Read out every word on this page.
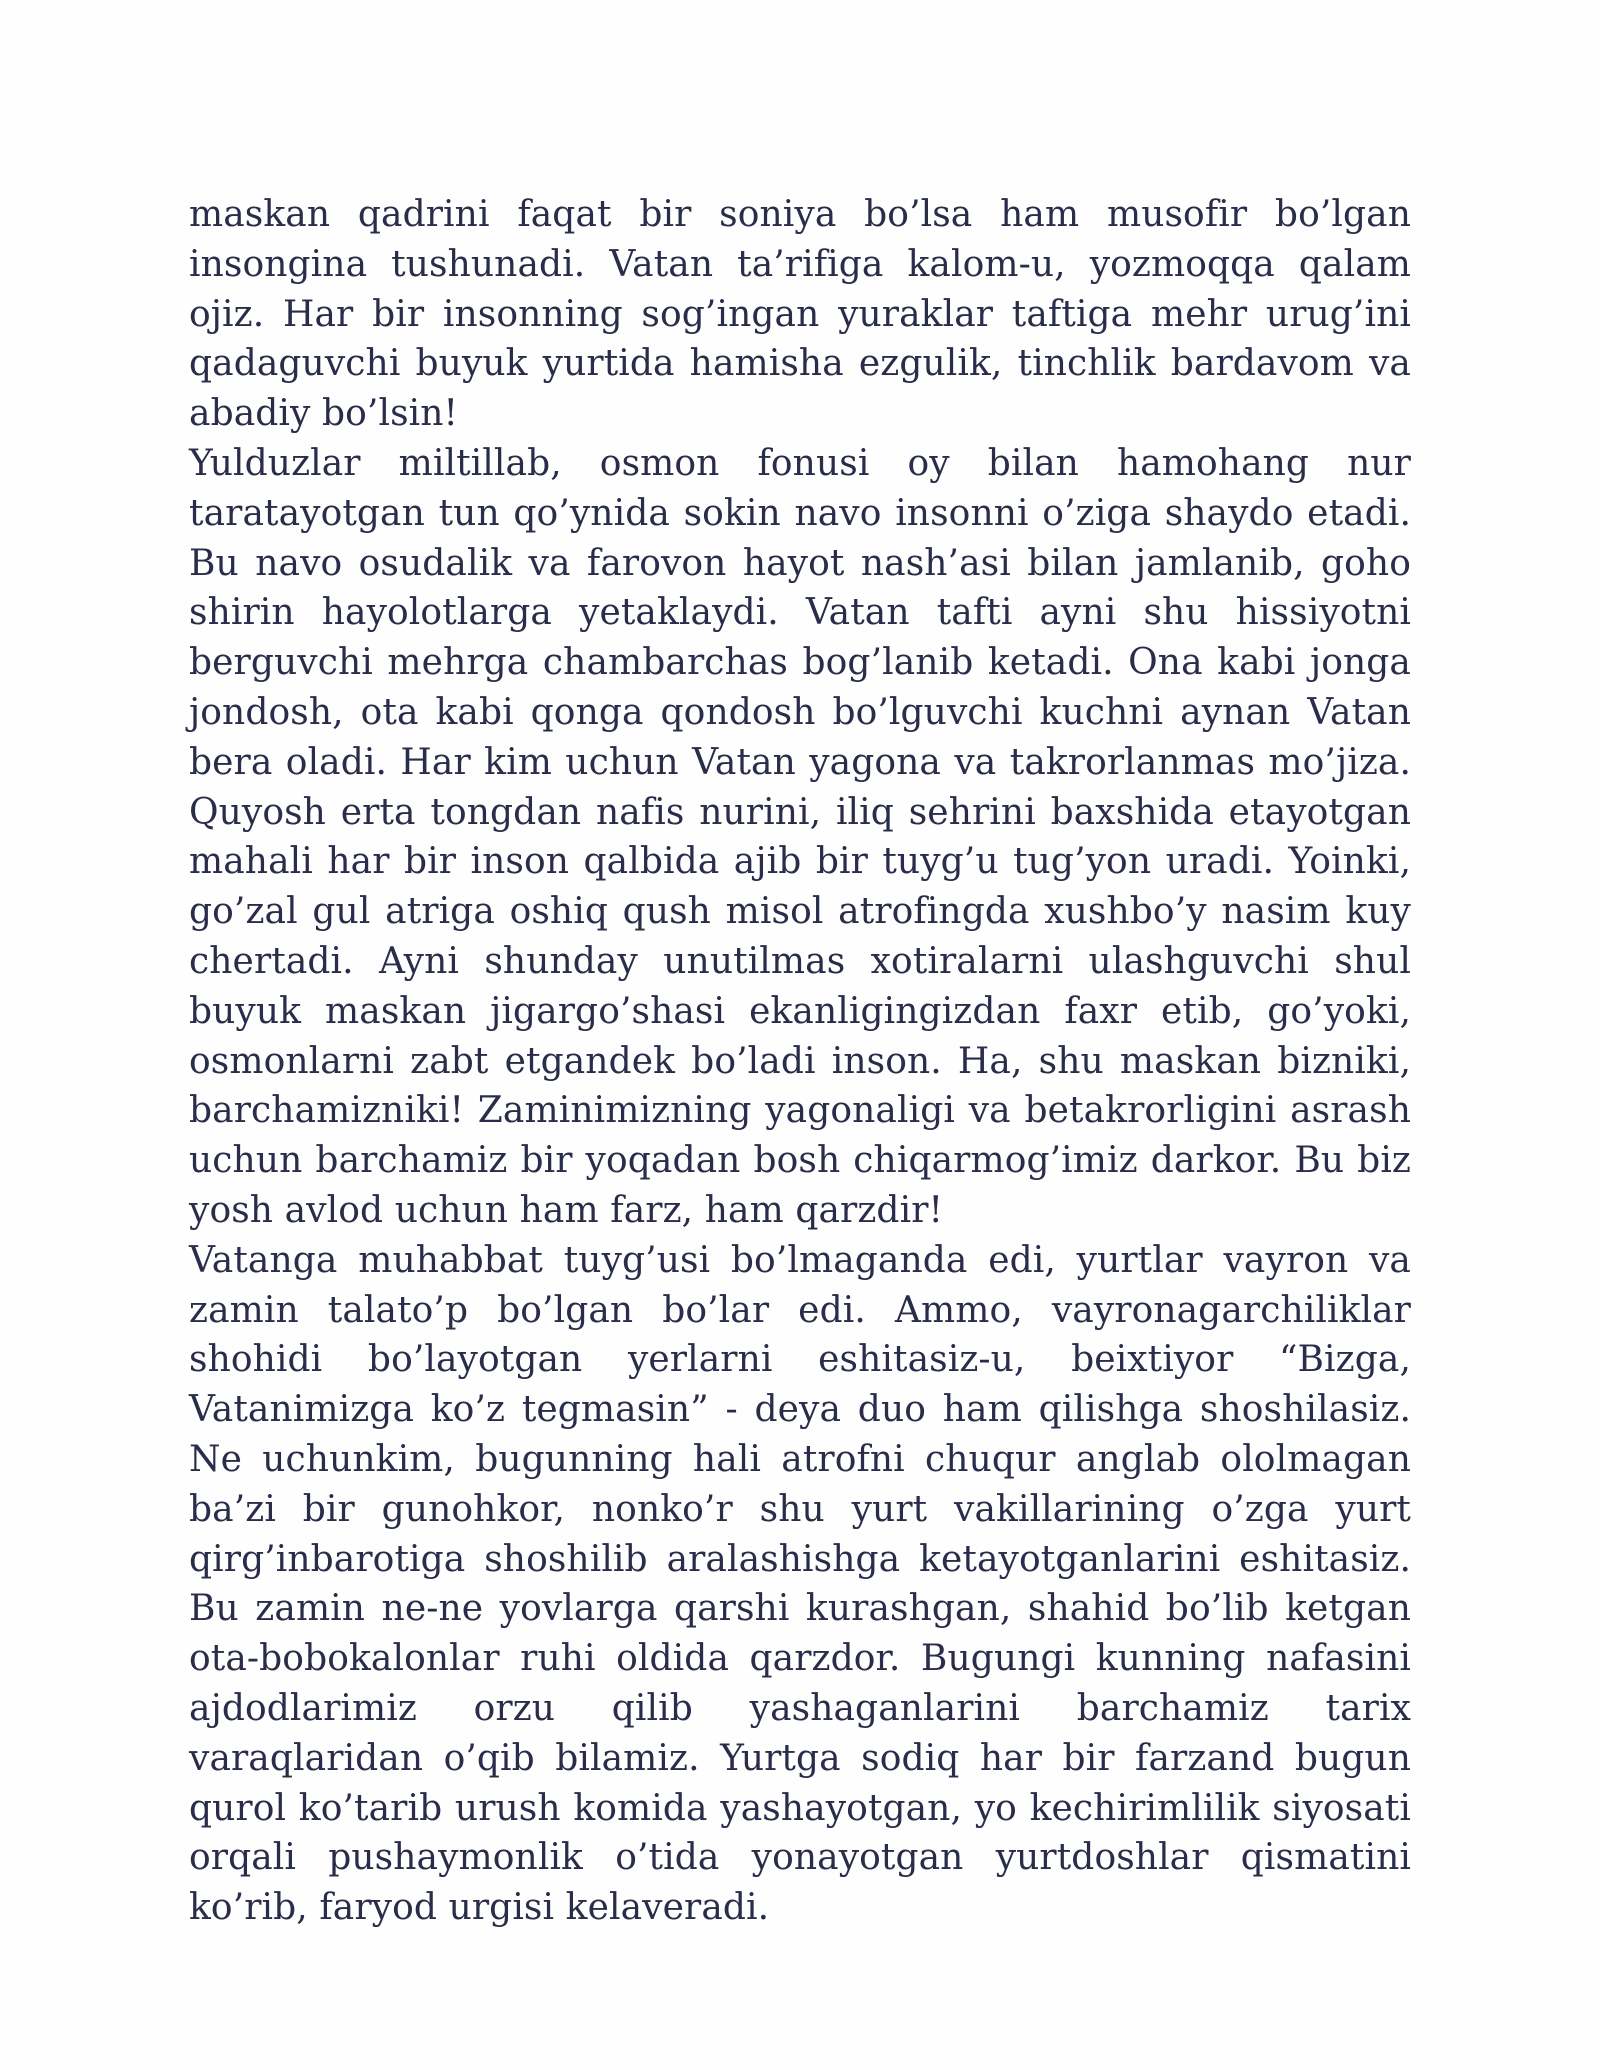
maskan qadrini faqat bir soniya bo’lsa ham musofir bo’lgan insongina tushunadi. Vatan ta’rifiga kalom-u, yozmoqqa qalam ojiz. Har bir insonning sog’ingan yuraklar taftiga mehr urug’ini qadaguvchi buyuk yurtida hamisha ezgulik, tinchlik bardavom va abadiy bo’lsin!

Yulduzlar miltillab, osmon fonusi oy bilan hamohang nur taratayotgan tun qo’ynida sokin navo insonni o’ziga shaydo etadi. Bu navo osudalik va farovon hayot nash’asi bilan jamlanib, goho shirin hayolotlarga yetaklaydi. Vatan tafti ayni shu hissiyotni berguvchi mehrga chambarchas bog’lanib ketadi. Ona kabi jonga jondosh, ota kabi qonga qondosh bo’lguvchi kuchni aynan Vatan bera oladi. Har kim uchun Vatan yagona va takrorlanmas mo’jiza. Quyosh erta tongdan nafis nurini, iliq sehrini baxshida etayotgan mahali har bir inson qalbida ajib bir tuyg’u tug’yon uradi. Yoinki, go’zal gul atriga oshiq qush misol atrofingda xushbo’y nasim kuy chertadi. Ayni shunday unutilmas xotiralarni ulashguvchi shul buyuk maskan jigargo’shasi ekanligingizdan faxr etib, go’yoki, osmonlarni zabt etgandek bo’ladi inson. Ha, shu maskan bizniki, barchamizniki! Zaminimizning yagonaligi va betakrorligini asrash uchun barchamiz bir yoqadan bosh chiqarmog’imiz darkor. Bu biz yosh avlod uchun ham farz, ham qarzdir!

Vatanga muhabbat tuyg’usi bo’lmaganda edi, yurtlar vayron va zamin talato’p bo’lgan bo’lar edi. Ammo, vayronagarchiliklar shohidi bo’layotgan yerlarni eshitasiz-u, beixtiyor “Bizga, Vatanimizga ko’z tegmasin” - deya duo ham qilishga shoshilasiz. Ne uchunkim, bugunning hali atrofni chuqur anglab ololmagan ba’zi bir gunohkor, nonko’r shu yurt vakillarining o’zga yurt qirg’inbarotiga shoshilib aralashishga ketayotganlarini eshitasiz. Bu zamin ne-ne yovlarga qarshi kurashgan, shahid bo’lib ketgan ota-bobokalonlar ruhi oldida qarzdor. Bugungi kunning nafasini ajdodlarimiz orzu qilib yashaganlarini barchamiz tarix varaqlaridan o’qib bilamiz. Yurtga sodiq har bir farzand bugun qurol ko’tarib urush komida yashayotgan, yo kechirimlilik siyosati orqali pushaymonlik o’tida yonayotgan yurtdoshlar qismatini ko’rib, faryod urgisi kelaveradi.
